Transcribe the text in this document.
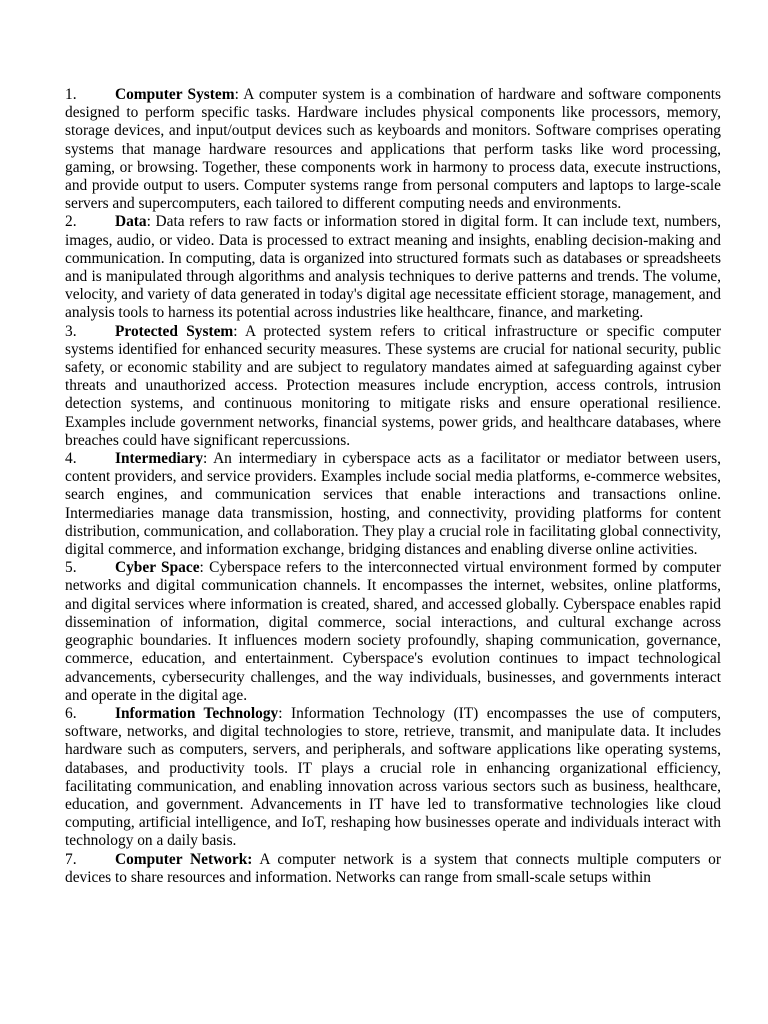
1. Computer System: A computer system is a combination of hardware and software components designed to perform specific tasks. Hardware includes physical components like processors, memory, storage devices, and input/output devices such as keyboards and monitors. Software comprises operating systems that manage hardware resources and applications that perform tasks like word processing, gaming, or browsing. Together, these components work in harmony to process data, execute instructions, and provide output to users. Computer systems range from personal computers and laptops to large-scale servers and supercomputers, each tailored to different computing needs and environments.

2. Data: Data refers to raw facts or information stored in digital form. It can include text, numbers, images, audio, or video. Data is processed to extract meaning and insights, enabling decision-making and communication. In computing, data is organized into structured formats such as databases or spreadsheets and is manipulated through algorithms and analysis techniques to derive patterns and trends. The volume, velocity, and variety of data generated in today's digital age necessitate efficient storage, management, and analysis tools to harness its potential across industries like healthcare, finance, and marketing.

3. Protected System: A protected system refers to critical infrastructure or specific computer systems identified for enhanced security measures. These systems are crucial for national security, public safety, or economic stability and are subject to regulatory mandates aimed at safeguarding against cyber threats and unauthorized access. Protection measures include encryption, access controls, intrusion detection systems, and continuous monitoring to mitigate risks and ensure operational resilience. Examples include government networks, financial systems, power grids, and healthcare databases, where breaches could have significant repercussions.

4. Intermediary: An intermediary in cyberspace acts as a facilitator or mediator between users, content providers, and service providers. Examples include social media platforms, e-commerce websites, search engines, and communication services that enable interactions and transactions online. Intermediaries manage data transmission, hosting, and connectivity, providing platforms for content distribution, communication, and collaboration. They play a crucial role in facilitating global connectivity, digital commerce, and information exchange, bridging distances and enabling diverse online activities.

5. Cyber Space: Cyberspace refers to the interconnected virtual environment formed by computer networks and digital communication channels. It encompasses the internet, websites, online platforms, and digital services where information is created, shared, and accessed globally. Cyberspace enables rapid dissemination of information, digital commerce, social interactions, and cultural exchange across geographic boundaries. It influences modern society profoundly, shaping communication, governance, commerce, education, and entertainment. Cyberspace's evolution continues to impact technological advancements, cybersecurity challenges, and the way individuals, businesses, and governments interact and operate in the digital age.

6. Information Technology: Information Technology (IT) encompasses the use of computers, software, networks, and digital technologies to store, retrieve, transmit, and manipulate data. It includes hardware such as computers, servers, and peripherals, and software applications like operating systems, databases, and productivity tools. IT plays a crucial role in enhancing organizational efficiency, facilitating communication, and enabling innovation across various sectors such as business, healthcare, education, and government. Advancements in IT have led to transformative technologies like cloud computing, artificial intelligence, and IoT, reshaping how businesses operate and individuals interact with technology on a daily basis.

7. Computer Network: A computer network is a system that connects multiple computers or devices to share resources and information. Networks can range from small-scale setups within
